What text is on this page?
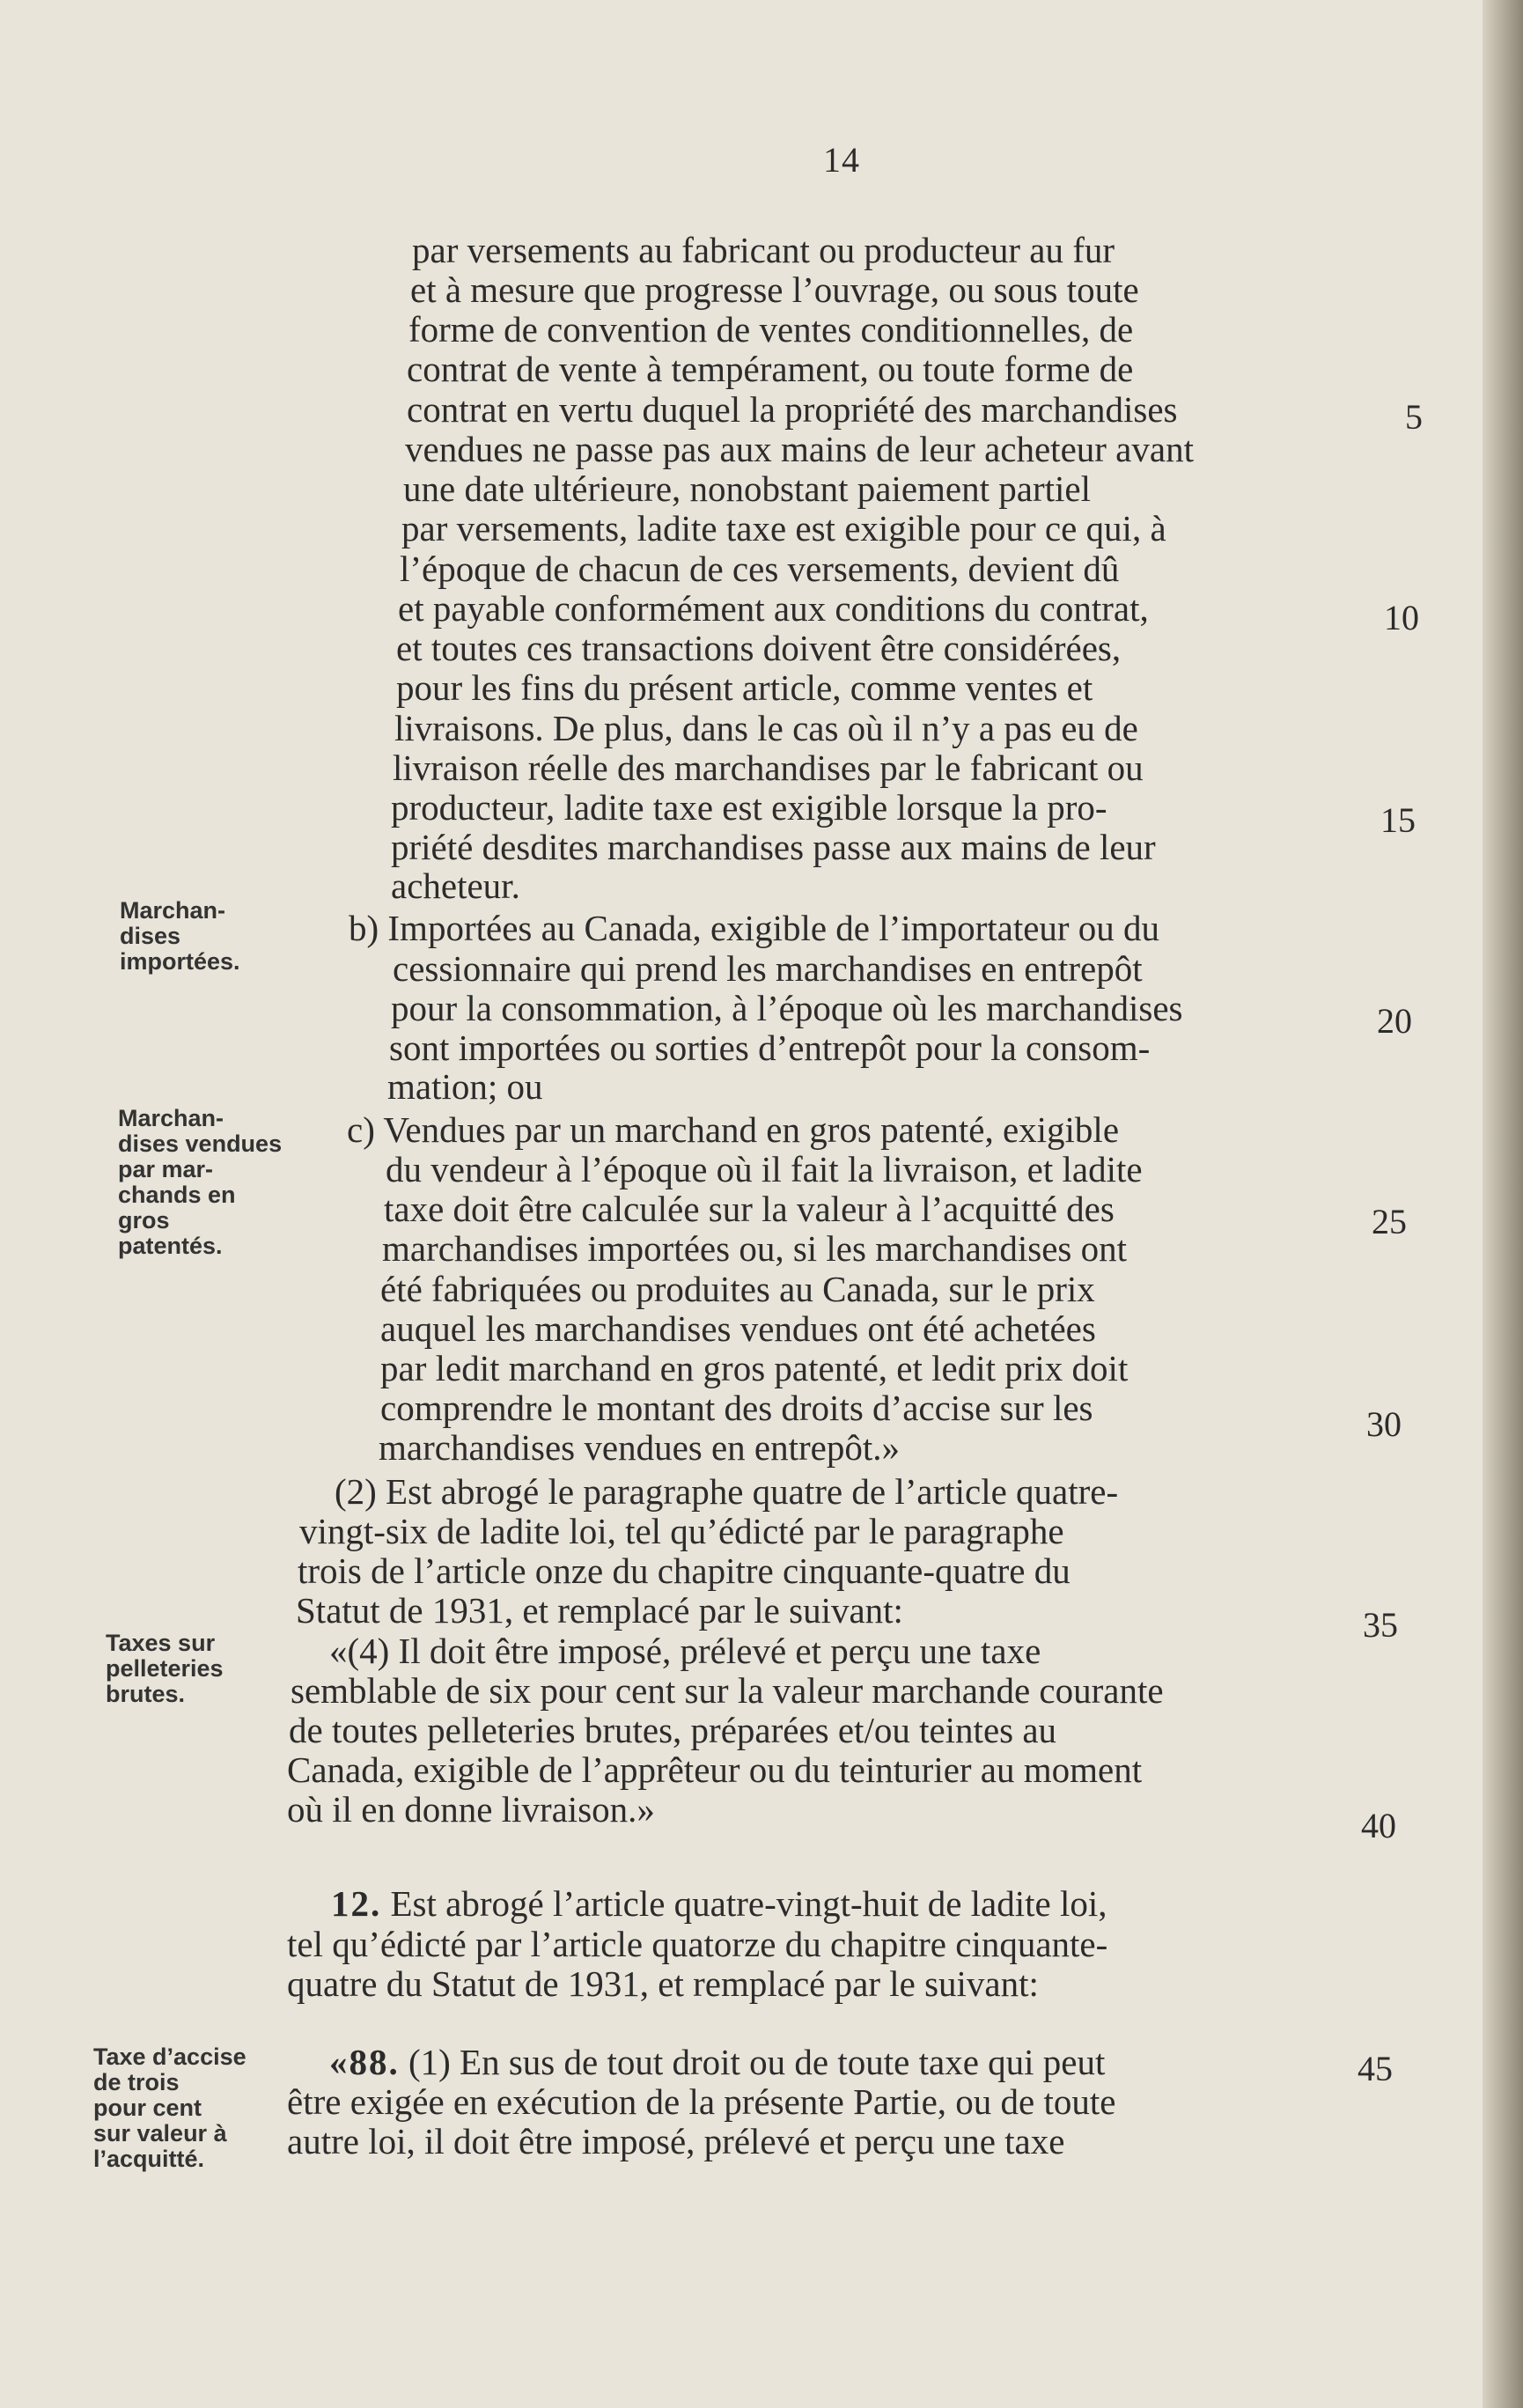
14
par versements au fabricant ou producteur au fur
et à mesure que progresse l’ouvrage, ou sous toute
forme de convention de ventes conditionnelles, de
contrat de vente à tempérament, ou toute forme de
contrat en vertu duquel la propriété des marchandises
vendues ne passe pas aux mains de leur acheteur avant
une date ultérieure, nonobstant paiement partiel
par versements, ladite taxe est exigible pour ce qui, à
l’époque de chacun de ces versements, devient dû
et payable conformément aux conditions du contrat,
et toutes ces transactions doivent être considérées,
pour les fins du présent article, comme ventes et
livraisons. De plus, dans le cas où il n’y a pas eu de
livraison réelle des marchandises par le fabricant ou
producteur, ladite taxe est exigible lorsque la pro-
priété desdites marchandises passe aux mains de leur
acheteur.
b) Importées au Canada, exigible de l’importateur ou du
cessionnaire qui prend les marchandises en entrepôt
pour la consommation, à l’époque où les marchandises
sont importées ou sorties d’entrepôt pour la consom-
mation; ou
c) Vendues par un marchand en gros patenté, exigible
du vendeur à l’époque où il fait la livraison, et ladite
taxe doit être calculée sur la valeur à l’acquitté des
marchandises importées ou, si les marchandises ont
été fabriquées ou produites au Canada, sur le prix
auquel les marchandises vendues ont été achetées
par ledit marchand en gros patenté, et ledit prix doit
comprendre le montant des droits d’accise sur les
marchandises vendues en entrepôt.»
(2) Est abrogé le paragraphe quatre de l’article quatre-
vingt-six de ladite loi, tel qu’édicté par le paragraphe
trois de l’article onze du chapitre cinquante-quatre du
Statut de 1931, et remplacé par le suivant:
«(4) Il doit être imposé, prélevé et perçu une taxe
semblable de six pour cent sur la valeur marchande courante
de toutes pelleteries brutes, préparées et/ou teintes au
Canada, exigible de l’apprêteur ou du teinturier au moment
où il en donne livraison.»
12. Est abrogé l’article quatre-vingt-huit de ladite loi,
tel qu’édicté par l’article quatorze du chapitre cinquante-
quatre du Statut de 1931, et remplacé par le suivant:
«88. (1) En sus de tout droit ou de toute taxe qui peut
être exigée en exécution de la présente Partie, ou de toute
autre loi, il doit être imposé, prélevé et perçu une taxe
5
10
15
20
25
30
35
40
45
Marchan-
dises
importées.
Marchan-
dises vendues
par mar-
chands en
gros
patentés.
Taxes sur
pelleteries
brutes.
Taxe d’accise
de trois
pour cent
sur valeur à
l’acquitté.
